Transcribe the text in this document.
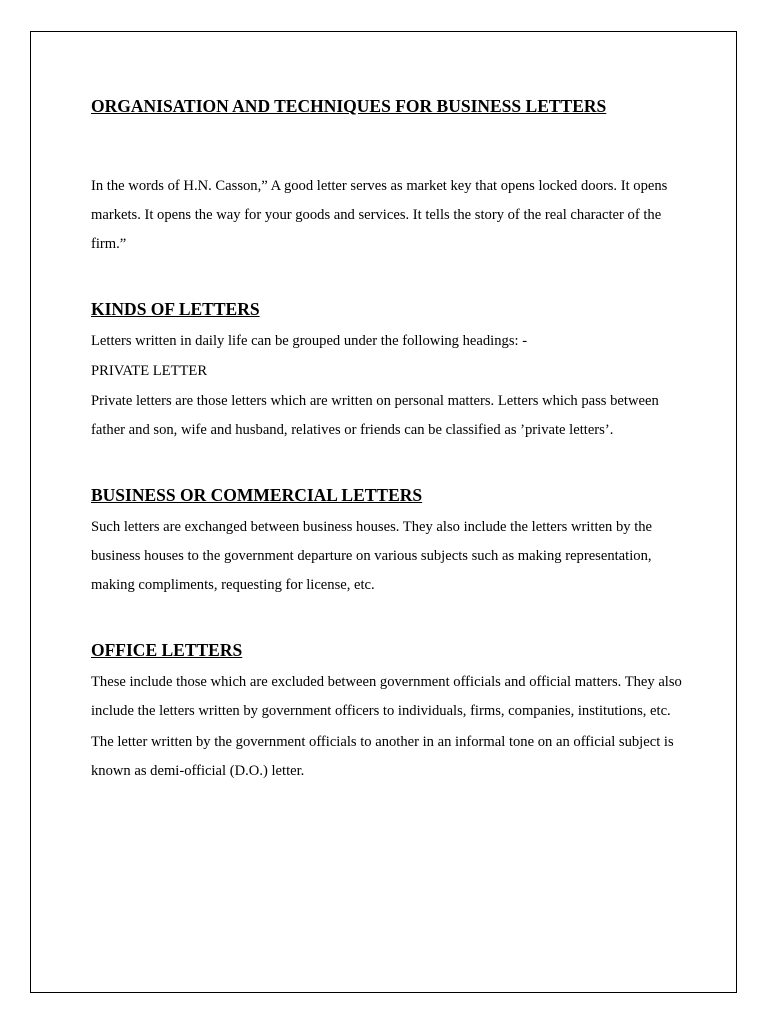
ORGANISATION AND TECHNIQUES FOR BUSINESS LETTERS

In the words of H.N. Casson,” A good letter serves as market key that opens locked doors. It opens markets. It opens the way for your goods and services. It tells the story of the real character of the firm.”

KINDS OF LETTERS

Letters written in daily life can be grouped under the following headings: -

PRIVATE LETTER

Private letters are those letters which are written on personal matters. Letters which pass between father and son, wife and husband, relatives or friends can be classified as ’private letters’.

BUSINESS OR COMMERCIAL LETTERS

Such letters are exchanged between business houses. They also include the letters written by the business houses to the government departure on various subjects such as making representation, making compliments, requesting for license, etc.

OFFICE LETTERS

These include those which are excluded between government officials and official matters. They also include the letters written by government officers to individuals, firms, companies, institutions, etc.

The letter written by the government officials to another in an informal tone on an official subject is known as demi-official (D.O.) letter.
